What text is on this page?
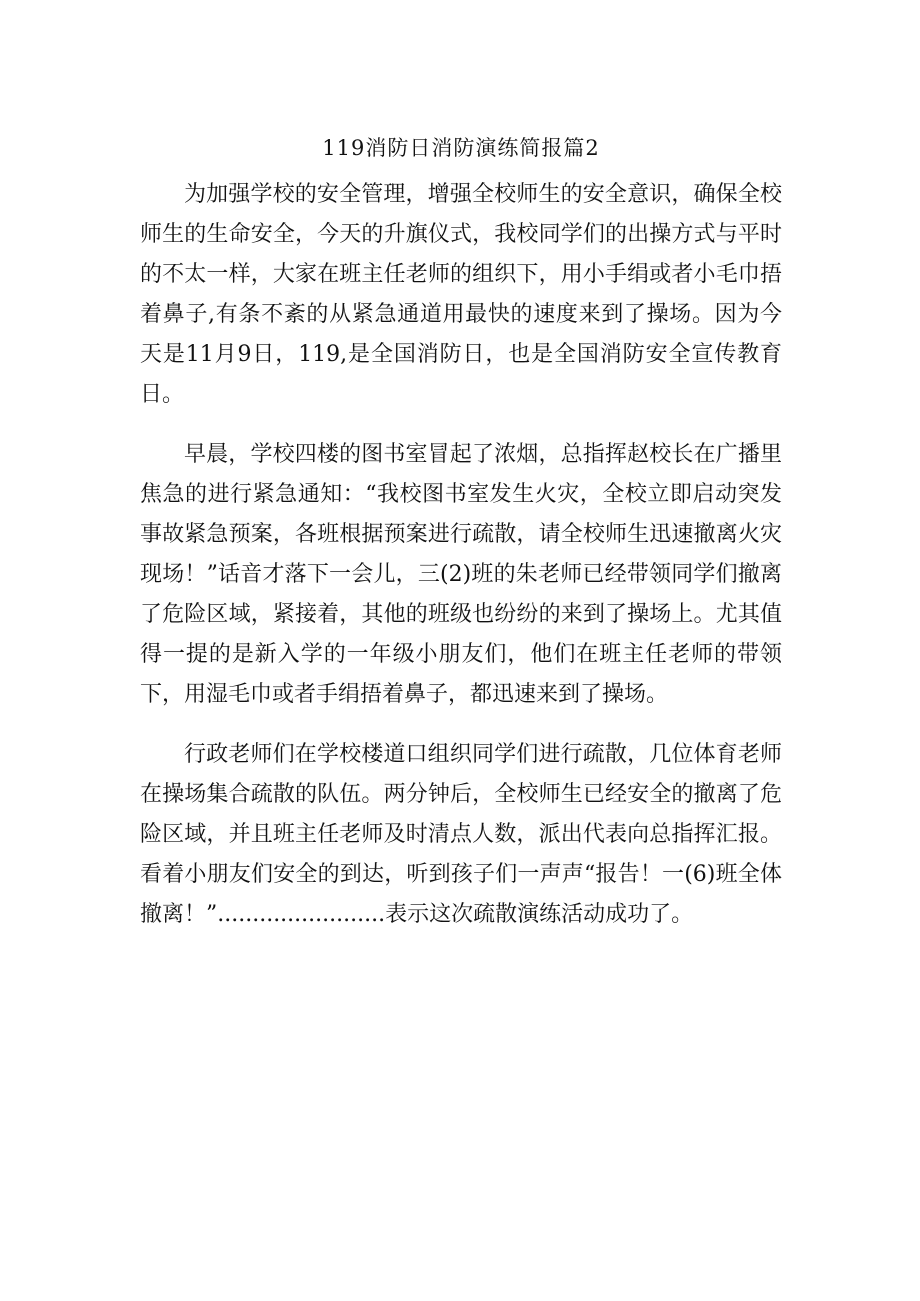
119消防日消防演练简报篇2

为加强学校的安全管理，增强全校师生的安全意识，确保全校师生的生命安全，今天的升旗仪式，我校同学们的出操方式与平时的不太一样，大家在班主任老师的组织下，用小手绢或者小毛巾捂着鼻子,有条不紊的从紧急通道用最快的速度来到了操场。因为今天是11月9日，119,是全国消防日，也是全国消防安全宣传教育日。

早晨，学校四楼的图书室冒起了浓烟，总指挥赵校长在广播里焦急的进行紧急通知：“我校图书室发生火灾，全校立即启动突发事故紧急预案，各班根据预案进行疏散，请全校师生迅速撤离火灾现场！”话音才落下一会儿，三(2)班的朱老师已经带领同学们撤离了危险区域，紧接着，其他的班级也纷纷的来到了操场上。尤其值得一提的是新入学的一年级小朋友们，他们在班主任老师的带领下，用湿毛巾或者手绢捂着鼻子，都迅速来到了操场。

行政老师们在学校楼道口组织同学们进行疏散，几位体育老师在操场集合疏散的队伍。两分钟后，全校师生已经安全的撤离了危险区域，并且班主任老师及时清点人数，派出代表向总指挥汇报。看着小朋友们安全的到达，听到孩子们一声声“报告！一(6)班全体撤离！”........................表示这次疏散演练活动成功了。
